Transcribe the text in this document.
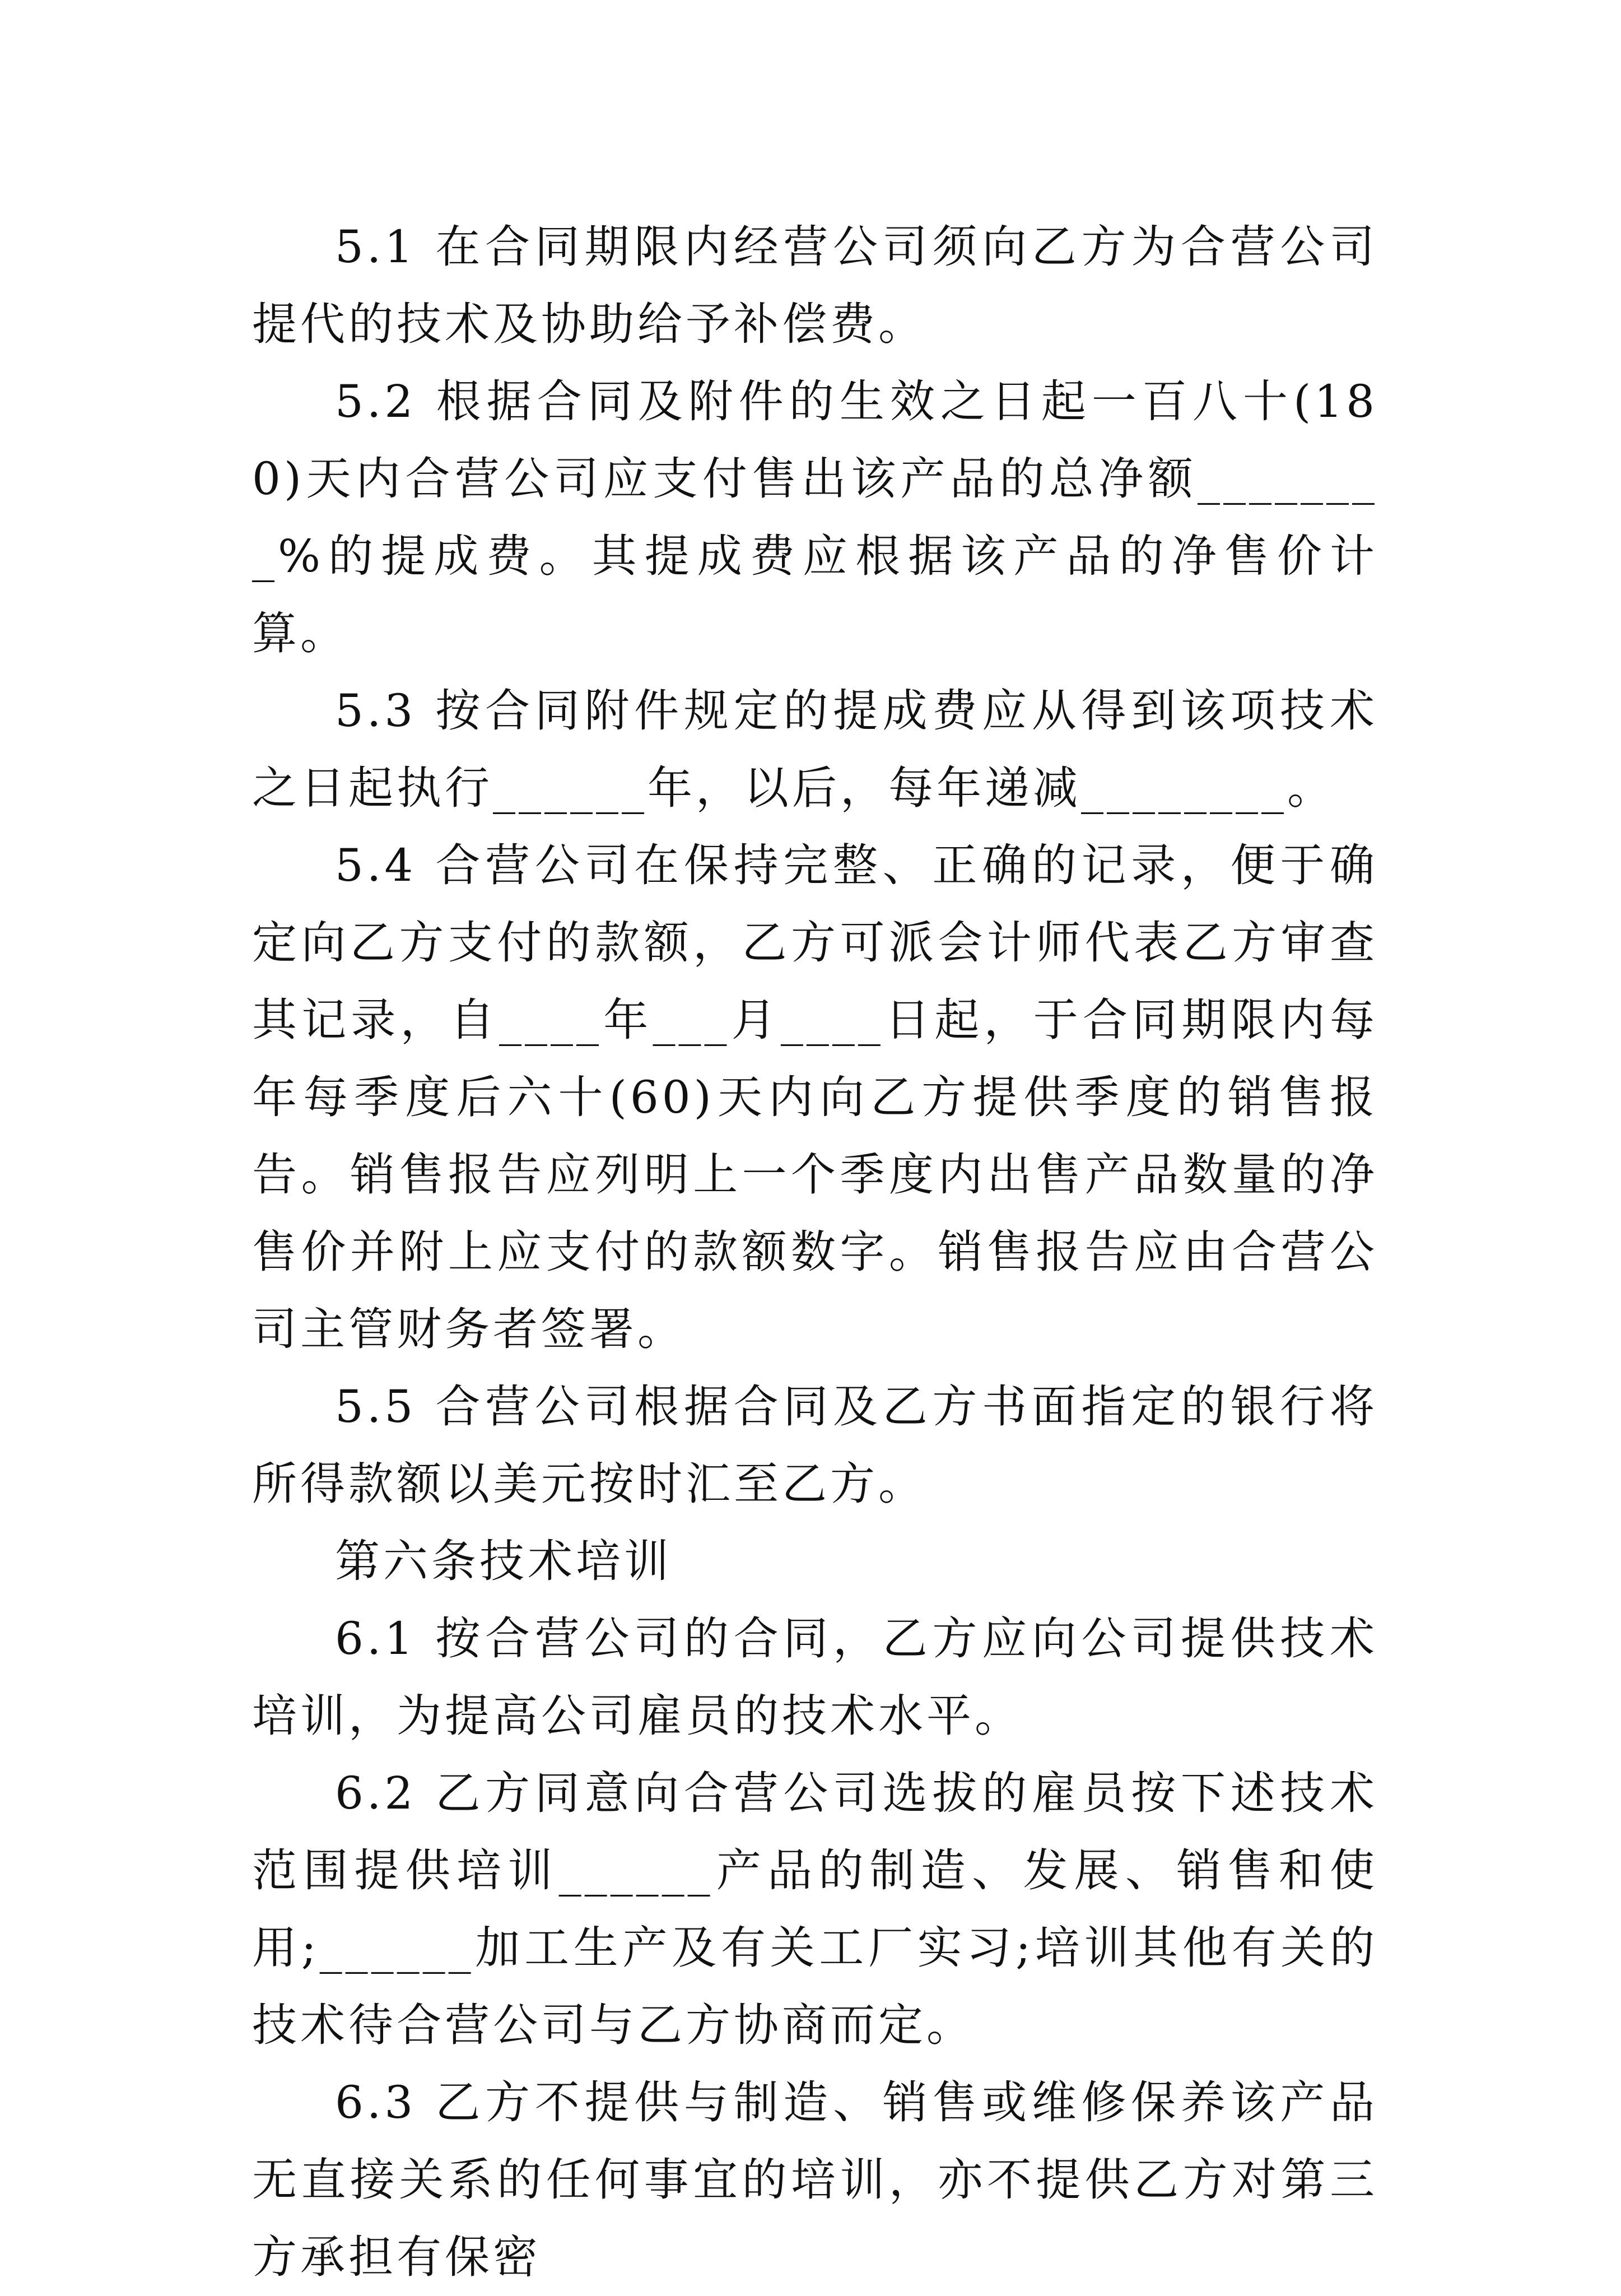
5.1 在合同期限内经营公司须向乙方为合营公司提代的技术及协助给予补偿费。

5.2 根据合同及附件的生效之日起一百八十(180)天内合营公司应支付售出该产品的总净额________%的提成费。其提成费应根据该产品的净售价计算。

5.3 按合同附件规定的提成费应从得到该项技术之日起执行______年，以后，每年递减________。

5.4 合营公司在保持完整、正确的记录，便于确定向乙方支付的款额，乙方可派会计师代表乙方审查其记录，自____年___月____日起，于合同期限内每年每季度后六十(60)天内向乙方提供季度的销售报告。销售报告应列明上一个季度内出售产品数量的净售价并附上应支付的款额数字。销售报告应由合营公司主管财务者签署。

5.5 合营公司根据合同及乙方书面指定的银行将所得款额以美元按时汇至乙方。

第六条技术培训

6.1 按合营公司的合同，乙方应向公司提供技术培训，为提高公司雇员的技术水平。

6.2 乙方同意向合营公司选拔的雇员按下述技术范围提供培训______产品的制造、发展、销售和使用;______加工生产及有关工厂实习;培训其他有关的技术待合营公司与乙方协商而定。

6.3 乙方不提供与制造、销售或维修保养该产品无直接关系的任何事宜的培训，亦不提供乙方对第三方承担有保密
